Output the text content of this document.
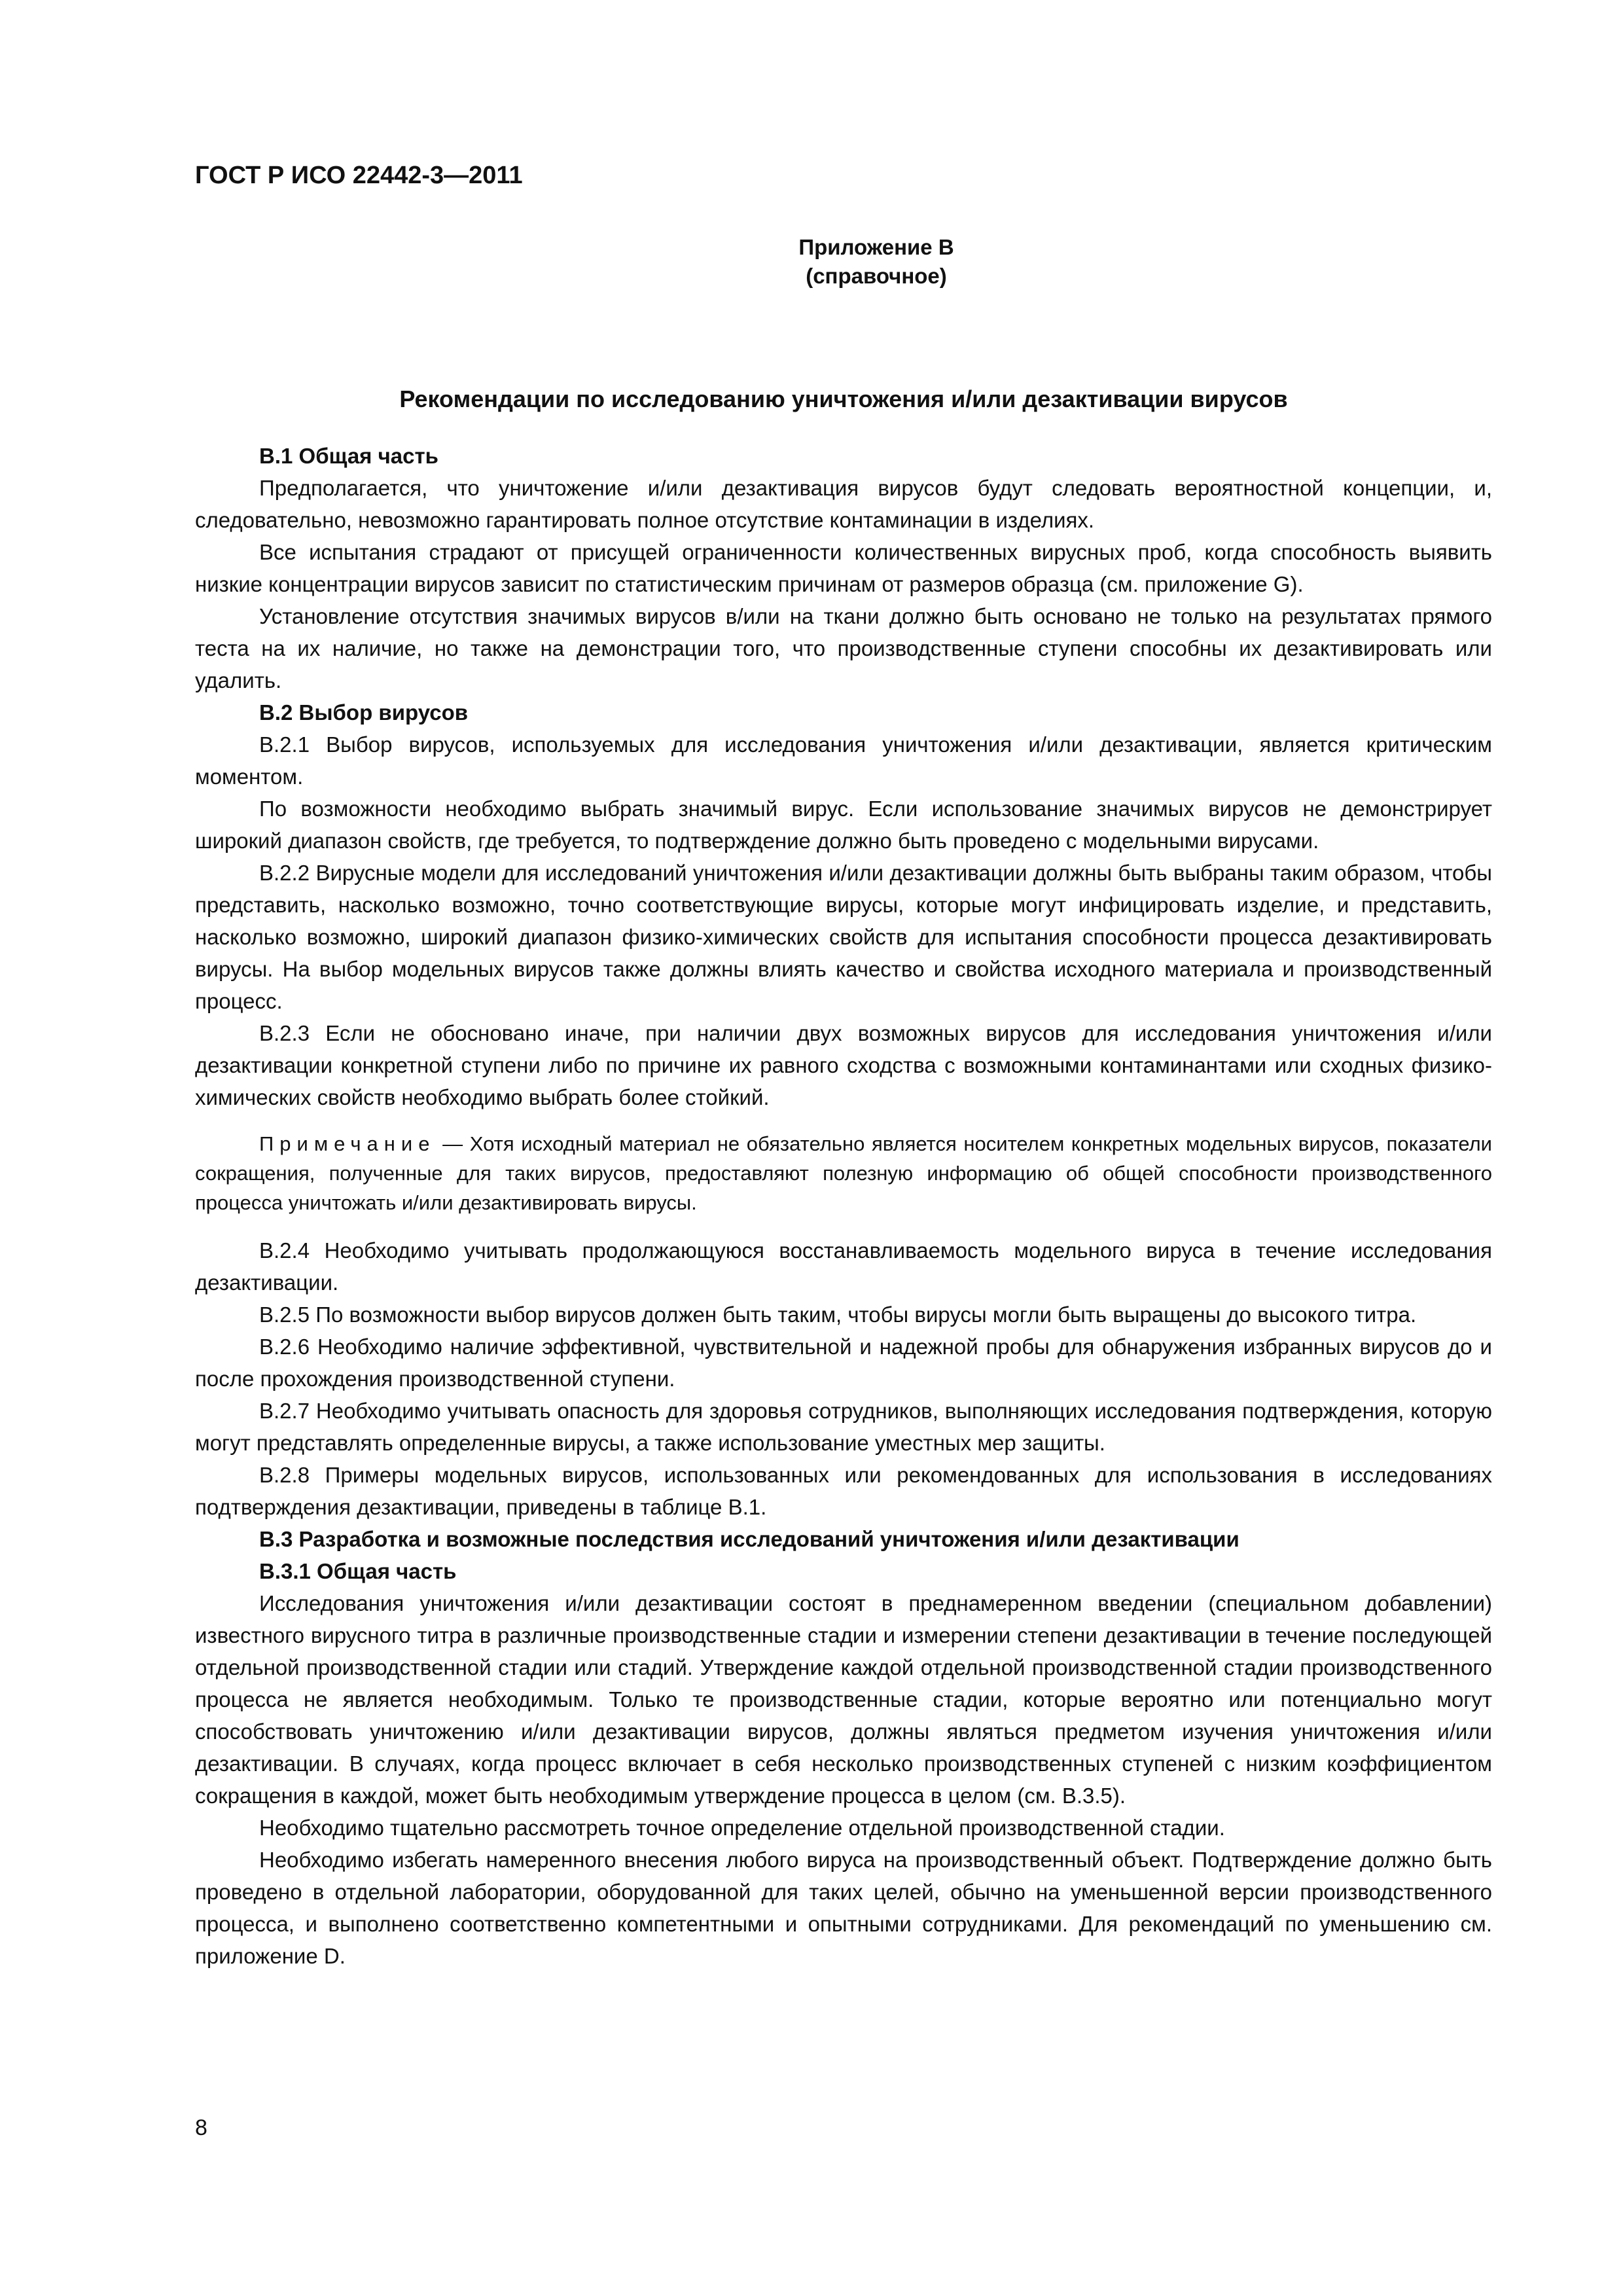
ГОСТ Р ИСО 22442-3—2011
Приложение В
(справочное)
Рекомендации по исследованию уничтожения и/или дезактивации вирусов

В.1 Общая часть

Предполагается, что уничтожение и/или дезактивация вирусов будут следовать вероятностной концепции, и, следовательно, невозможно гарантировать полное отсутствие контаминации в изделиях.

Все испытания страдают от присущей ограниченности количественных вирусных проб, когда способность выявить низкие концентрации вирусов зависит по статистическим причинам от размеров образца (см. приложение G).

Установление отсутствия значимых вирусов в/или на ткани должно быть основано не только на результатах прямого теста на их наличие, но также на демонстрации того, что производственные ступени способны их дезактивировать или удалить.

В.2 Выбор вирусов

В.2.1 Выбор вирусов, используемых для исследования уничтожения и/или дезактивации, является критическим моментом.

По возможности необходимо выбрать значимый вирус. Если использование значимых вирусов не демонстрирует широкий диапазон свойств, где требуется, то подтверждение должно быть проведено с модельными вирусами.

В.2.2 Вирусные модели для исследований уничтожения и/или дезактивации должны быть выбраны таким образом, чтобы представить, насколько возможно, точно соответствующие вирусы, которые могут инфицировать изделие, и представить, насколько возможно, широкий диапазон физико-химических свойств для испытания способности процесса дезактивировать вирусы. На выбор модельных вирусов также должны влиять качество и свойства исходного материала и производственный процесс.

В.2.3 Если не обосновано иначе, при наличии двух возможных вирусов для исследования уничтожения и/или дезактивации конкретной ступени либо по причине их равного сходства с возможными контаминантами или сходных физико-химических свойств необходимо выбрать более стойкий.

Примечание — Хотя исходный материал не обязательно является носителем конкретных модельных вирусов, показатели сокращения, полученные для таких вирусов, предоставляют полезную информацию об общей способности производственного процесса уничтожать и/или дезактивировать вирусы.

В.2.4 Необходимо учитывать продолжающуюся восстанавливаемость модельного вируса в течение исследования дезактивации.

В.2.5 По возможности выбор вирусов должен быть таким, чтобы вирусы могли быть выращены до высокого титра.

В.2.6 Необходимо наличие эффективной, чувствительной и надежной пробы для обнаружения избранных вирусов до и после прохождения производственной ступени.

В.2.7 Необходимо учитывать опасность для здоровья сотрудников, выполняющих исследования подтверждения, которую могут представлять определенные вирусы, а также использование уместных мер защиты.

В.2.8 Примеры модельных вирусов, использованных или рекомендованных для использования в исследованиях подтверждения дезактивации, приведены в таблице В.1.

В.3 Разработка и возможные последствия исследований уничтожения и/или дезактивации

В.3.1 Общая часть

Исследования уничтожения и/или дезактивации состоят в преднамеренном введении (специальном добавлении) известного вирусного титра в различные производственные стадии и измерении степени дезактивации в течение последующей отдельной производственной стадии или стадий. Утверждение каждой отдельной производственной стадии производственного процесса не является необходимым. Только те производственные стадии, которые вероятно или потенциально могут способствовать уничтожению и/или дезактивации вирусов, должны являться предметом изучения уничтожения и/или дезактивации. В случаях, когда процесс включает в себя несколько производственных ступеней с низким коэффициентом сокращения в каждой, может быть необходимым утверждение процесса в целом (см. В.3.5).

Необходимо тщательно рассмотреть точное определение отдельной производственной стадии.

Необходимо избегать намеренного внесения любого вируса на производственный объект. Подтверждение должно быть проведено в отдельной лаборатории, оборудованной для таких целей, обычно на уменьшенной версии производственного процесса, и выполнено соответственно компетентными и опытными сотрудниками. Для рекомендаций по уменьшению см. приложение D.

8
